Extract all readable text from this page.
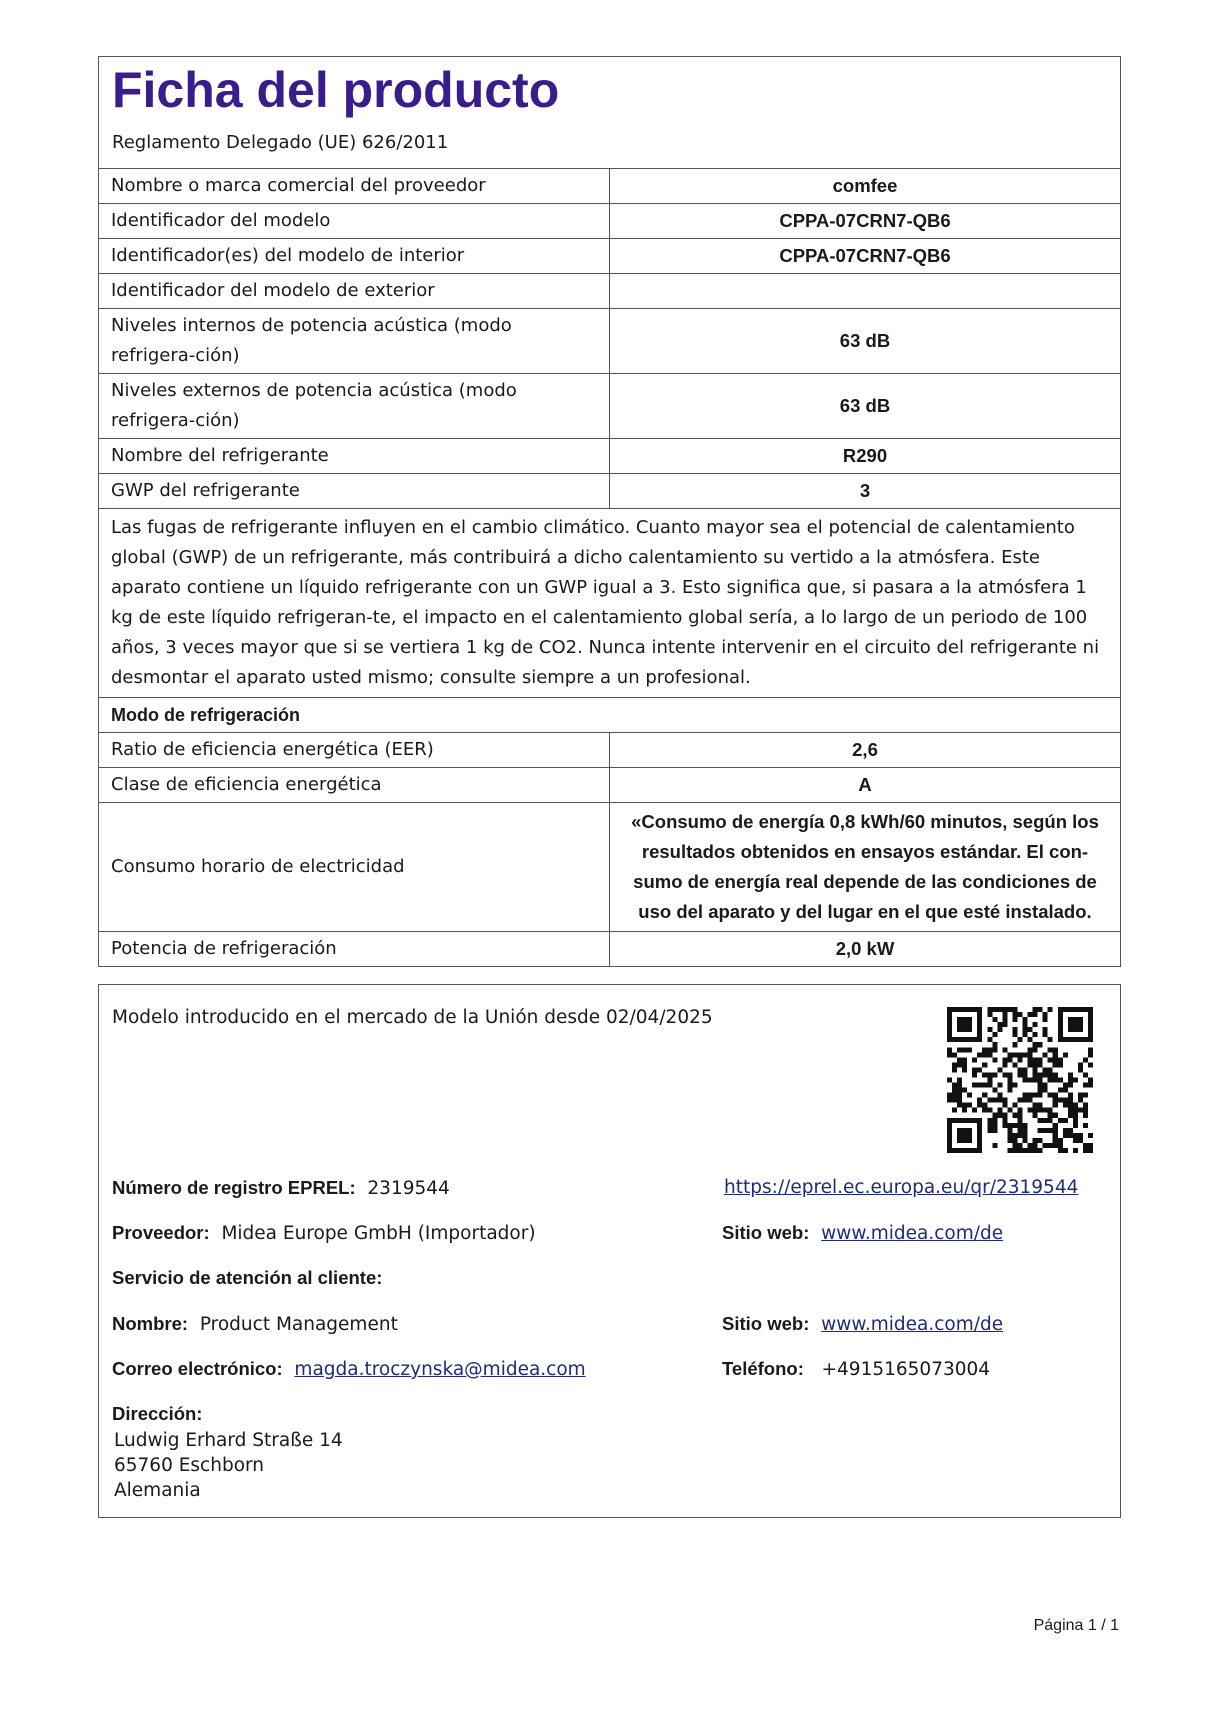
Ficha del producto
Reglamento Delegado (UE) 626/2011
Nombre o marca comercial del proveedor	comfee
Identificador del modelo	CPPA-07CRN7-QB6
Identificador(es) del modelo de interior	CPPA-07CRN7-QB6
Identificador del modelo de exterior	
Niveles internos de potencia acústica (modo refrigera-ción)	63 dB
Niveles externos de potencia acústica (modo refrigera-ción)	63 dB
Nombre del refrigerante	R290
GWP del refrigerante	3
Las fugas de refrigerante influyen en el cambio climático. Cuanto mayor sea el potencial de calentamiento global (GWP) de un refrigerante, más contribuirá a dicho calentamiento su vertido a la atmósfera. Este aparato contiene un líquido refrigerante con un GWP igual a 3. Esto significa que, si pasara a la atmósfera 1 kg de este líquido refrigeran-te, el impacto en el calentamiento global sería, a lo largo de un periodo de 100 años, 3 veces mayor que si se vertiera 1 kg de CO2. Nunca intente intervenir en el circuito del refrigerante ni desmontar el aparato usted mismo; consulte siempre a un profesional.	
Modo de refrigeración	
Ratio de eficiencia energética (EER)	2,6
Clase de eficiencia energética	A
Consumo horario de electricidad	«Consumo de energía 0,8 kWh/60 minutos, según los resultados obtenidos en ensayos estándar. El con-sumo de energía real depende de las condiciones de uso del aparato y del lugar en el que esté instalado.
Potencia de refrigeración	2,0 kW
Modelo introducido en el mercado de la Unión desde 02/04/2025
Número de registro EPREL: 2319544	https://eprel.ec.europa.eu/qr/2319544
Proveedor: Midea Europe GmbH (Importador)	Sitio web: www.midea.com/de
Servicio de atención al cliente:
Nombre: Product Management	Sitio web: www.midea.com/de
Correo electrónico: magda.troczynska@midea.com	Teléfono: +4915165073004
Dirección:
Ludwig Erhard Straße 14
65760 Eschborn
Alemania
Página 1 / 1
